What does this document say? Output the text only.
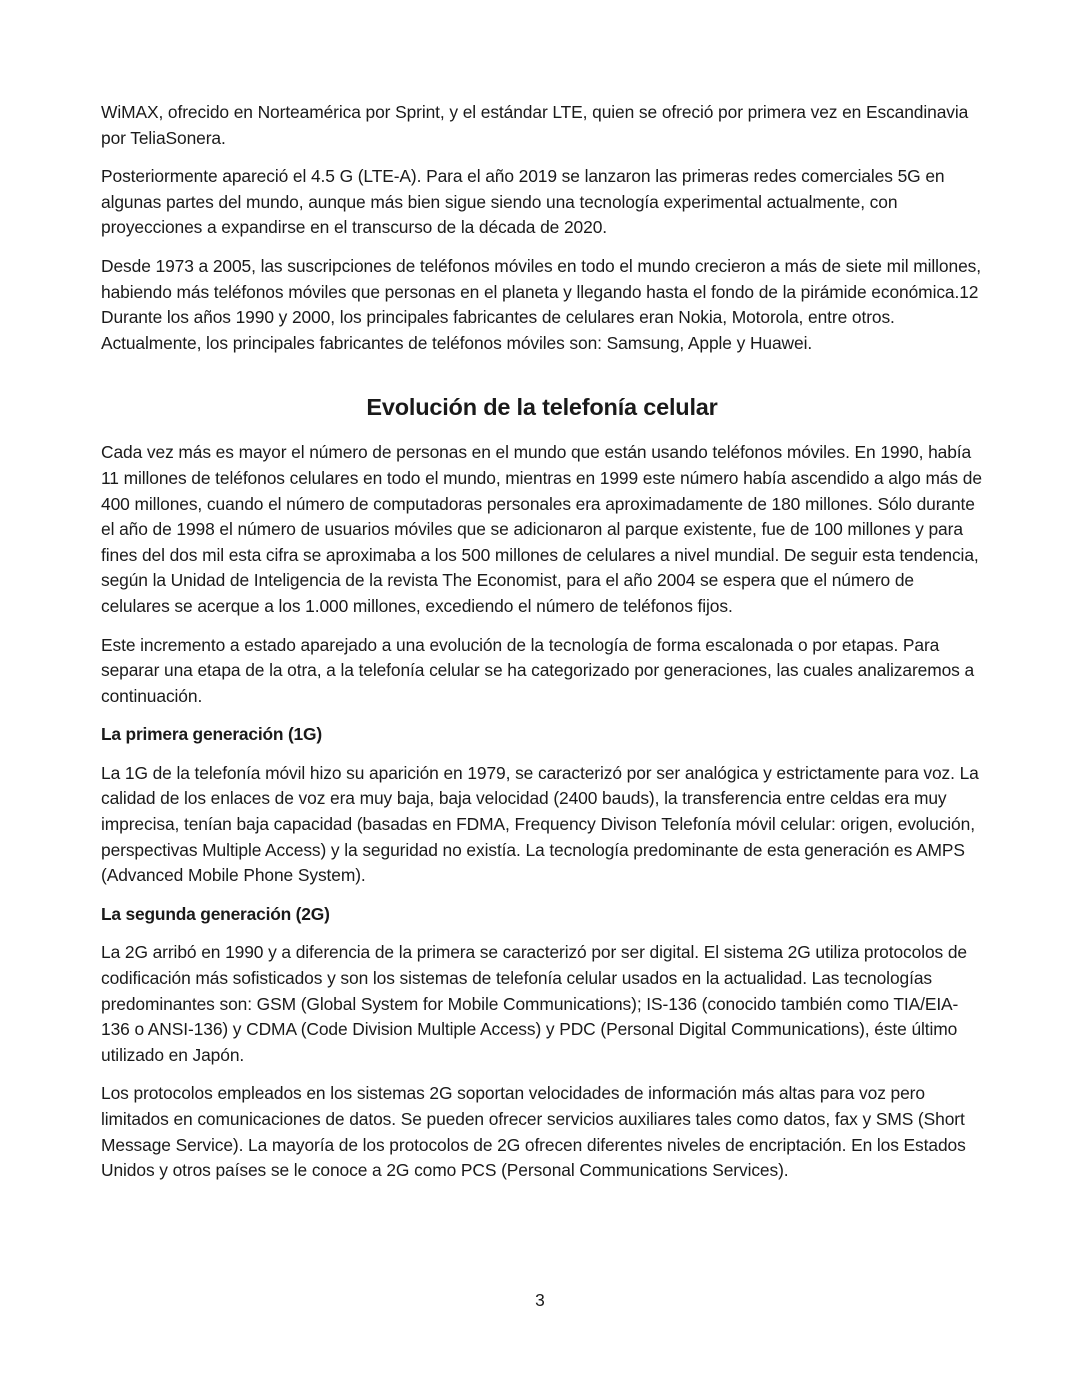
WiMAX, ofrecido en Norteamérica por Sprint, y el estándar LTE, quien se ofreció por primera vez en Escandinavia por TeliaSonera.

Posteriormente apareció el 4.5 G (LTE-A). Para el año 2019 se lanzaron las primeras redes comerciales 5G en algunas partes del mundo, aunque más bien sigue siendo una tecnología experimental actualmente, con proyecciones a expandirse en el transcurso de la década de 2020.

Desde 1973 a 2005, las suscripciones de teléfonos móviles en todo el mundo crecieron a más de siete mil millones, habiendo más teléfonos móviles que personas en el planeta y llegando hasta el fondo de la pirámide económica.12 Durante los años 1990 y 2000, los principales fabricantes de celulares eran Nokia, Motorola, entre otros. Actualmente, los principales fabricantes de teléfonos móviles son: Samsung, Apple y Huawei.

Evolución de la telefonía celular

Cada vez más es mayor el número de personas en el mundo que están usando teléfonos móviles. En 1990, había 11 millones de teléfonos celulares en todo el mundo, mientras en 1999 este número había ascendido a algo más de 400 millones, cuando el número de computadoras personales era aproximadamente de 180 millones. Sólo durante el año de 1998 el número de usuarios móviles que se adicionaron al parque existente, fue de 100 millones y para fines del dos mil esta cifra se aproximaba a los 500 millones de celulares a nivel mundial. De seguir esta tendencia, según la Unidad de Inteligencia de la revista The Economist, para el año 2004 se espera que el número de celulares se acerque a los 1.000 millones, excediendo el número de teléfonos fijos.

Este incremento a estado aparejado a una evolución de la tecnología de forma escalonada o por etapas. Para separar una etapa de la otra, a la telefonía celular se ha categorizado por generaciones, las cuales analizaremos a continuación.

La primera generación (1G)

La 1G de la telefonía móvil hizo su aparición en 1979, se caracterizó por ser analógica y estrictamente para voz. La calidad de los enlaces de voz era muy baja, baja velocidad (2400 bauds), la transferencia entre celdas era muy imprecisa, tenían baja capacidad (basadas en FDMA, Frequency Divison Telefonía móvil celular: origen, evolución, perspectivas Multiple Access) y la seguridad no existía. La tecnología predominante de esta generación es AMPS (Advanced Mobile Phone System).

La segunda generación (2G)

La 2G arribó en 1990 y a diferencia de la primera se caracterizó por ser digital. El sistema 2G utiliza protocolos de codificación más sofisticados y son los sistemas de telefonía celular usados en la actualidad. Las tecnologías predominantes son: GSM (Global System for Mobile Communications); IS-136 (conocido también como TIA/EIA-136 o ANSI-136) y CDMA (Code Division Multiple Access) y PDC (Personal Digital Communications), éste último utilizado en Japón.

Los protocolos empleados en los sistemas 2G soportan velocidades de información más altas para voz pero limitados en comunicaciones de datos. Se pueden ofrecer servicios auxiliares tales como datos, fax y SMS (Short Message Service). La mayoría de los protocolos de 2G ofrecen diferentes niveles de encriptación. En los Estados Unidos y otros países se le conoce a 2G como PCS (Personal Communications Services).

3
